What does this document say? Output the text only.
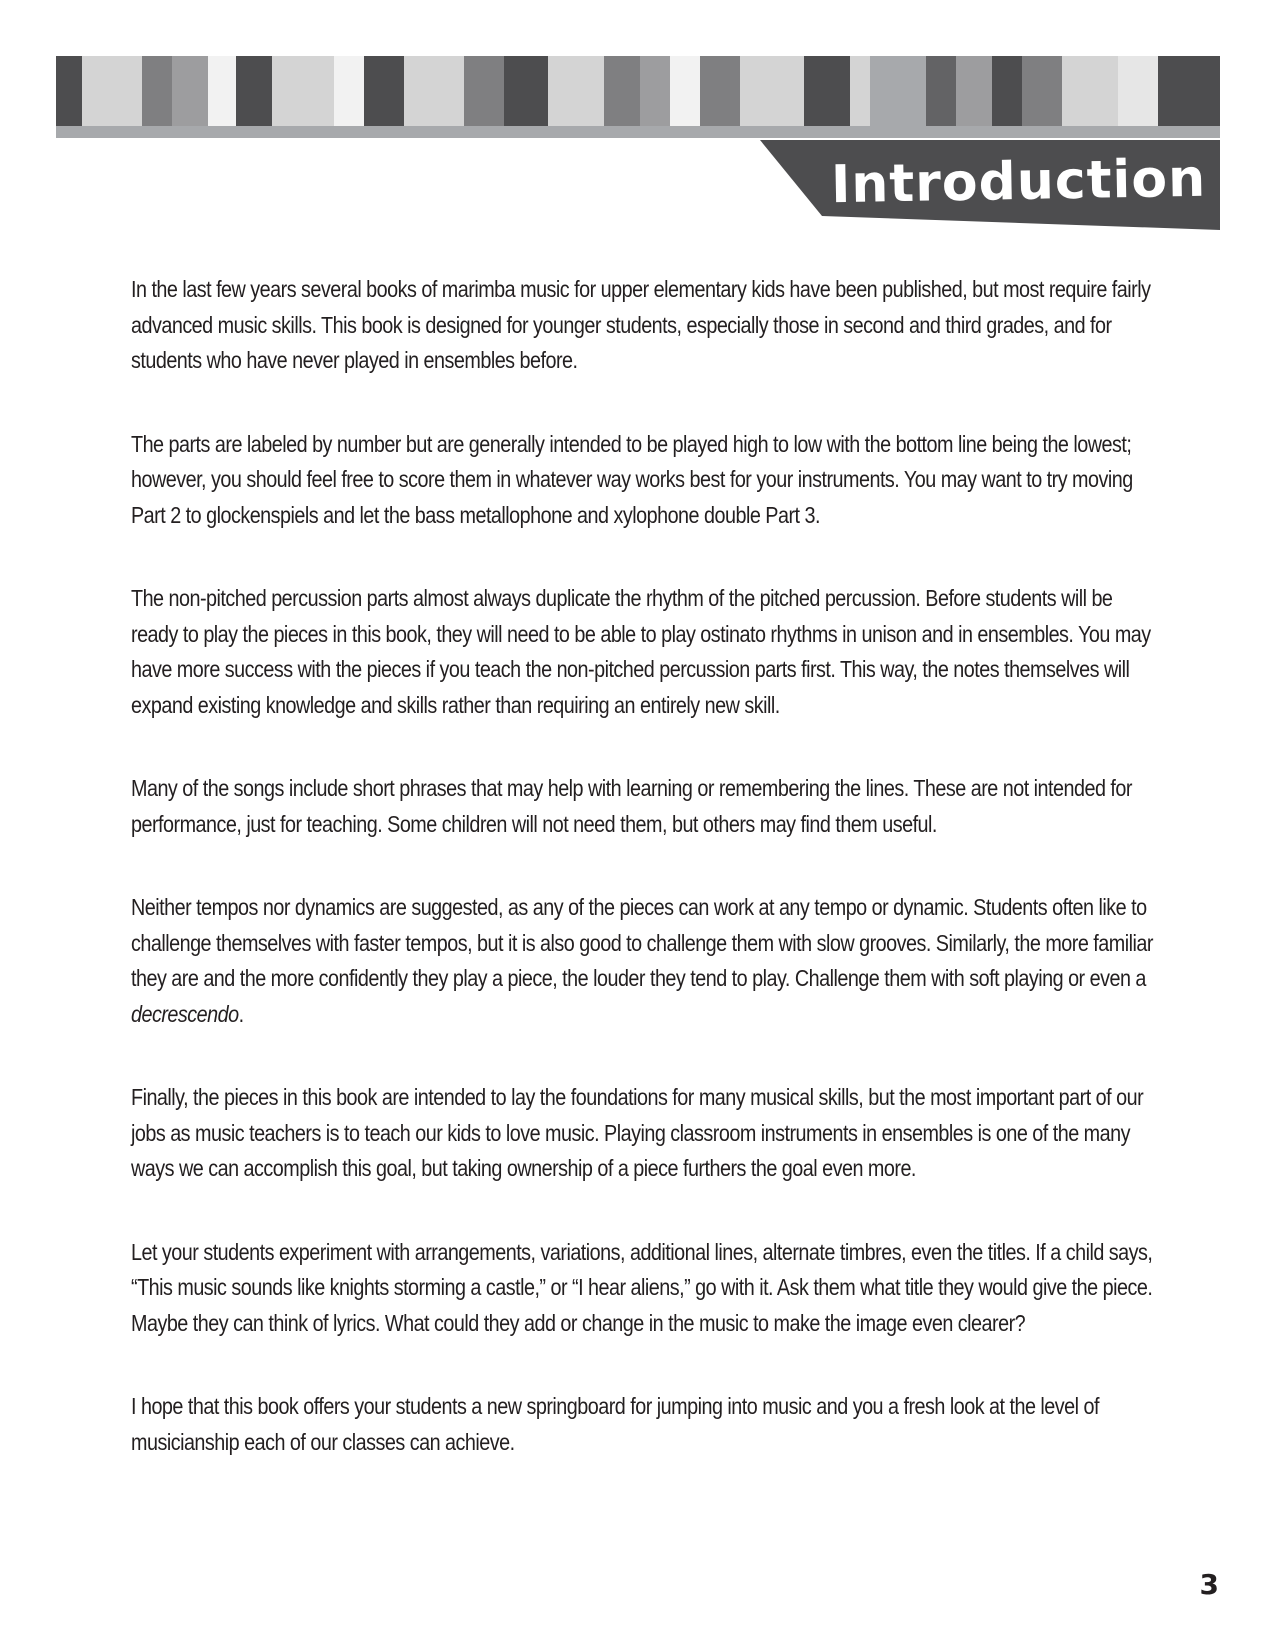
Introduction

In the last few years several books of marimba music for upper elementary kids have been published, but most require fairly advanced music skills. This book is designed for younger students, especially those in second and third grades, and for students who have never played in ensembles before.

The parts are labeled by number but are generally intended to be played high to low with the bottom line being the lowest; however, you should feel free to score them in whatever way works best for your instruments. You may want to try moving Part 2 to glockenspiels and let the bass metallophone and xylophone double Part 3.

The non-pitched percussion parts almost always duplicate the rhythm of the pitched percussion. Before students will be ready to play the pieces in this book, they will need to be able to play ostinato rhythms in unison and in ensembles. You may have more success with the pieces if you teach the non-pitched percussion parts first. This way, the notes themselves will expand existing knowledge and skills rather than requiring an entirely new skill.

Many of the songs include short phrases that may help with learning or remembering the lines. These are not intended for performance, just for teaching. Some children will not need them, but others may find them useful.

Neither tempos nor dynamics are suggested, as any of the pieces can work at any tempo or dynamic. Students often like to challenge themselves with faster tempos, but it is also good to challenge them with slow grooves. Similarly, the more familiar they are and the more confidently they play a piece, the louder they tend to play. Challenge them with soft playing or even a decrescendo.

Finally, the pieces in this book are intended to lay the foundations for many musical skills, but the most important part of our jobs as music teachers is to teach our kids to love music. Playing classroom instruments in ensembles is one of the many ways we can accomplish this goal, but taking ownership of a piece furthers the goal even more.

Let your students experiment with arrangements, variations, additional lines, alternate timbres, even the titles. If a child says, “This music sounds like knights storming a castle,” or “I hear aliens,” go with it. Ask them what title they would give the piece. Maybe they can think of lyrics. What could they add or change in the music to make the image even clearer?

I hope that this book offers your students a new springboard for jumping into music and you a fresh look at the level of musicianship each of our classes can achieve.

3
